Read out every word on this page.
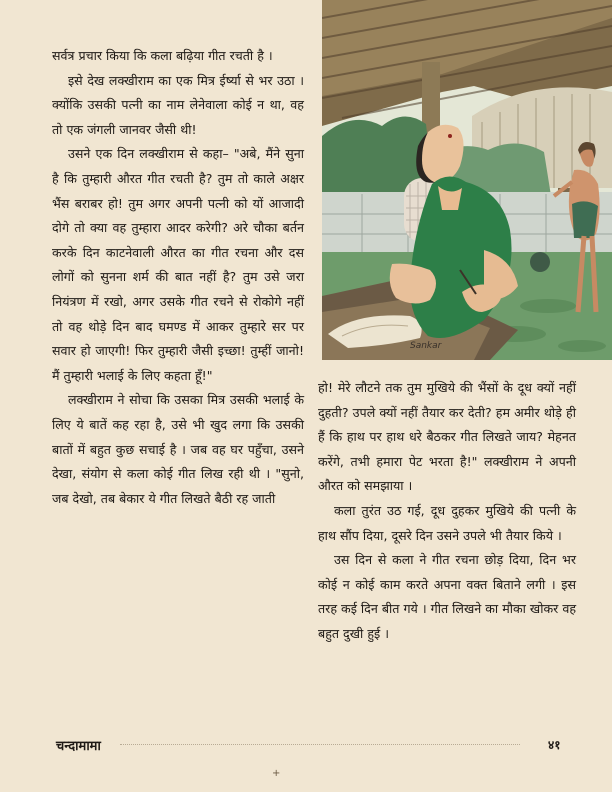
सर्वत्र प्रचार किया कि कला बढ़िया गीत रचती है ।

इसे देख लक्खीराम का एक मित्र ईर्ष्या से भर उठा । क्योंकि उसकी पत्नी का नाम लेनेवाला कोई न था, वह तो एक जंगली जानवर जैसी थी!

उसने एक दिन लक्खीराम से कहा– "अबे, मैंने सुना है कि तुम्हारी औरत गीत रचती है? तुम तो काले अक्षर भैंस बराबर हो! तुम अगर अपनी पत्नी को यों आजादी दोगे तो क्या वह तुम्हारा आदर करेगी? अरे चौका बर्तन करके दिन काटनेवाली औरत का गीत रचना और दस लोगों को सुनना शर्म की बात नहीं है? तुम उसे जरा नियंत्रण में रखो, अगर उसके गीत रचने से रोकोगे नहीं तो वह थोड़े दिन बाद घमण्ड में आकर तुम्हारे सर पर सवार हो जाएगी! फिर तुम्हारी जैसी इच्छा! तुम्हीं जानो! मैं तुम्हारी भलाई के लिए कहता हूँ!"

लक्खीराम ने सोचा कि उसका मित्र उसकी भलाई के लिए ये बातें कह रहा है, उसे भी खुद लगा कि उसकी बातों में बहुत कुछ सचाई है । जब वह घर पहुँचा, उसने देखा, संयोग से कला कोई गीत लिख रही थी । "सुनो, जब देखो, तब बेकार ये गीत लिखते बैठी रह जाती

Sankar

हो! मेरे लौटने तक तुम मुखिये की भैंसों के दूध क्यों नहीं दुहती? उपले क्यों नहीं तैयार कर देती? हम अमीर थोड़े ही हैं कि हाथ पर हाथ धरे बैठकर गीत लिखते जाय? मेहनत करेंगे, तभी हमारा पेट भरता है!" लक्खीराम ने अपनी औरत को समझाया ।

कला तुरंत उठ गई, दूध दुहकर मुखिये की पत्नी के हाथ सौंप दिया, दूसरे दिन उसने उपले भी तैयार किये ।

उस दिन से कला ने गीत रचना छोड़ दिया, दिन भर कोई न कोई काम करते अपना वक्त बिताने लगी । इस तरह कई दिन बीत गये । गीत लिखने का मौका खोकर वह बहुत दुखी हुई ।

चन्दामामा	४१
+
